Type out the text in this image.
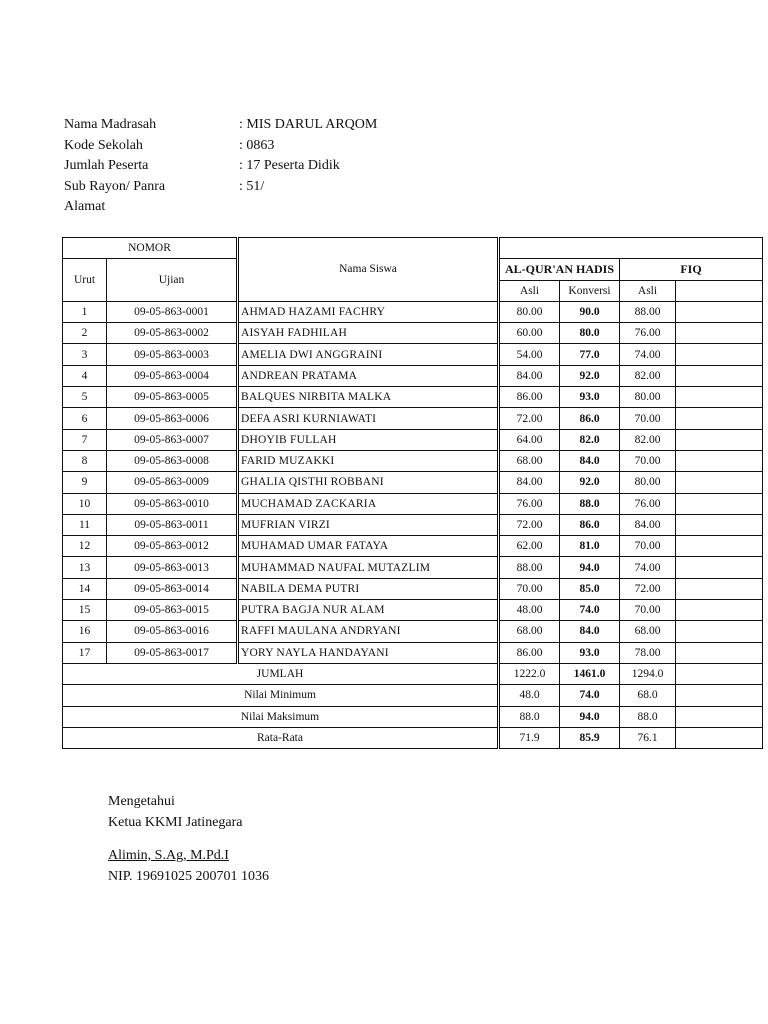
Nama Madrasah	: MIS DARUL ARQOM
Kode Sekolah	: 0863
Jumlah Peserta	: 17 Peserta Didik
Sub Rayon/ Panra	: 51/
Alamat
NOMOR		Nama Siswa				
Urut	Ujian		AL-QUR'AN HADIS		FIQ	
			Asli	Konversi	Asli	
1	09-05-863-0001	AHMAD HAZAMI FACHRY	80.00	90.0	88.00	
2	09-05-863-0002	AISYAH FADHILAH	60.00	80.0	76.00	
3	09-05-863-0003	AMELIA DWI ANGGRAINI	54.00	77.0	74.00	
4	09-05-863-0004	ANDREAN PRATAMA	84.00	92.0	82.00	
5	09-05-863-0005	BALQUES NIRBITA MALKA	86.00	93.0	80.00	
6	09-05-863-0006	DEFA ASRI KURNIAWATI	72.00	86.0	70.00	
7	09-05-863-0007	DHOYIB FULLAH	64.00	82.0	82.00	
8	09-05-863-0008	FARID MUZAKKI	68.00	84.0	70.00	
9	09-05-863-0009	GHALIA QISTHI ROBBANI	84.00	92.0	80.00	
10	09-05-863-0010	MUCHAMAD ZACKARIA	76.00	88.0	76.00	
11	09-05-863-0011	MUFRIAN VIRZI	72.00	86.0	84.00	
12	09-05-863-0012	MUHAMAD UMAR FATAYA	62.00	81.0	70.00	
13	09-05-863-0013	MUHAMMAD NAUFAL MUTAZLIM	88.00	94.0	74.00	
14	09-05-863-0014	NABILA DEMA PUTRI	70.00	85.0	72.00	
15	09-05-863-0015	PUTRA BAGJA NUR ALAM	48.00	74.0	70.00	
16	09-05-863-0016	RAFFI MAULANA ANDRYANI	68.00	84.0	68.00	
17	09-05-863-0017	YORY NAYLA HANDAYANI	86.00	93.0	78.00	
JUMLAH			1222.0	1461.0	1294.0	
Nilai Minimum			48.0	74.0	68.0	
Nilai Maksimum			88.0	94.0	88.0	
Rata-Rata			71.9	85.9	76.1	
Mengetahui
Ketua KKMI Jatinegara
Alimin, S.Ag, M.Pd.I
NIP. 19691025 200701 1036
